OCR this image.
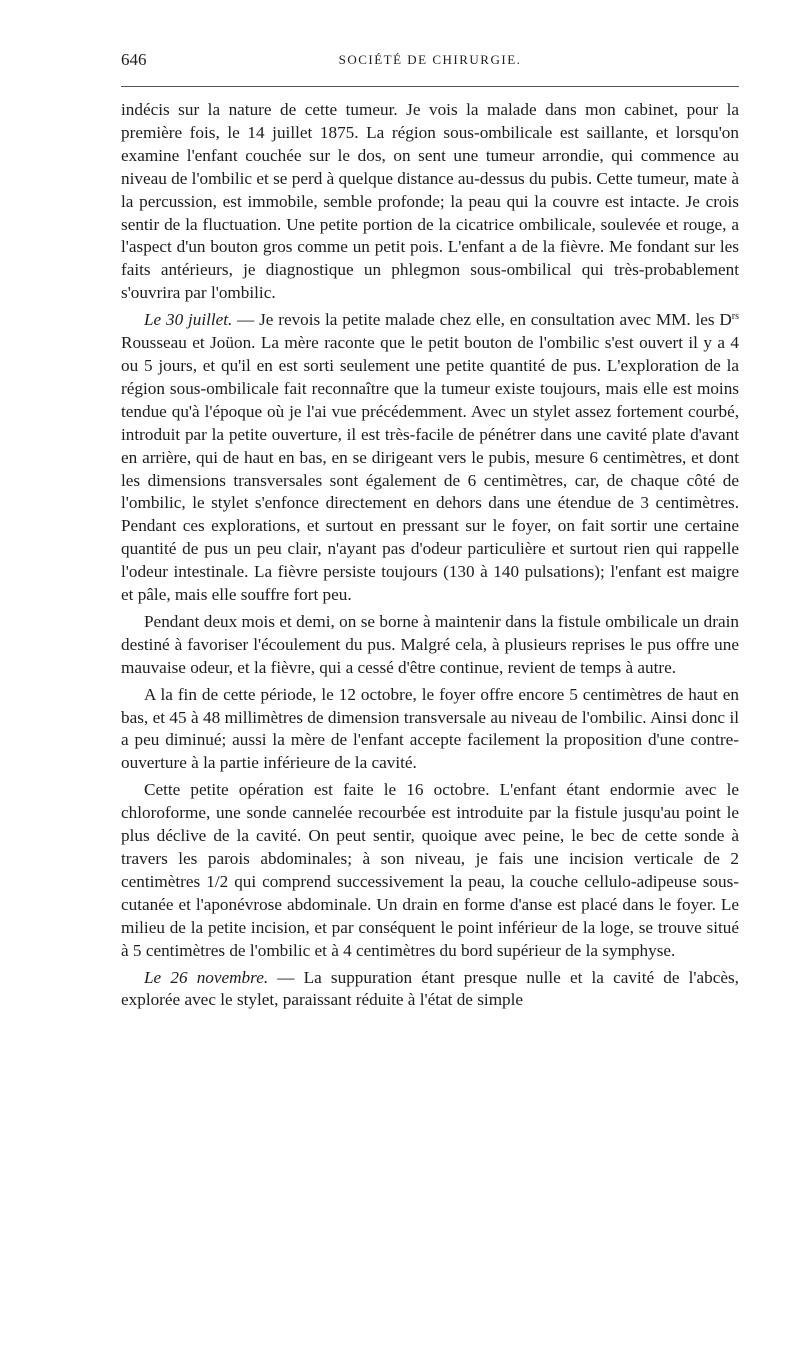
646	SOCIÉTÉ DE CHIRURGIE.

indécis sur la nature de cette tumeur. Je vois la malade dans mon cabinet, pour la première fois, le 14 juillet 1875. La région sous-ombilicale est saillante, et lorsqu'on examine l'enfant couchée sur le dos, on sent une tumeur arrondie, qui commence au niveau de l'ombilic et se perd à quelque distance au-dessus du pubis. Cette tumeur, mate à la percussion, est immobile, semble profonde; la peau qui la couvre est intacte. Je crois sentir de la fluctuation. Une petite portion de la cicatrice ombilicale, soulevée et rouge, a l'aspect d'un bouton gros comme un petit pois. L'enfant a de la fièvre. Me fondant sur les faits antérieurs, je diagnostique un phlegmon sous-ombilical qui très-probablement s'ouvrira par l'ombilic.

Le 30 juillet. — Je revois la petite malade chez elle, en consultation avec MM. les $D^{rs}$ Rousseau et Joüon. La mère raconte que le petit bouton de l'ombilic s'est ouvert il y a 4 ou 5 jours, et qu'il en est sorti seulement une petite quantité de pus. L'exploration de la région sous-ombilicale fait reconnaître que la tumeur existe toujours, mais elle est moins tendue qu'à l'époque où je l'ai vue précédemment. Avec un stylet assez fortement courbé, introduit par la petite ouverture, il est très-facile de pénétrer dans une cavité plate d'avant en arrière, qui de haut en bas, en se dirigeant vers le pubis, mesure 6 centimètres, et dont les dimensions transversales sont également de 6 centimètres, car, de chaque côté de l'ombilic, le stylet s'enfonce directement en dehors dans une étendue de 3 centimètres. Pendant ces explorations, et surtout en pressant sur le foyer, on fait sortir une certaine quantité de pus un peu clair, n'ayant pas d'odeur particulière et surtout rien qui rappelle l'odeur intestinale. La fièvre persiste toujours (130 à 140 pulsations); l'enfant est maigre et pâle, mais elle souffre fort peu.

Pendant deux mois et demi, on se borne à maintenir dans la fistule ombilicale un drain destiné à favoriser l'écoulement du pus. Malgré cela, à plusieurs reprises le pus offre une mauvaise odeur, et la fièvre, qui a cessé d'être continue, revient de temps à autre.

A la fin de cette période, le 12 octobre, le foyer offre encore 5 centimètres de haut en bas, et 45 à 48 millimètres de dimension transversale au niveau de l'ombilic. Ainsi donc il a peu diminué; aussi la mère de l'enfant accepte facilement la proposition d'une contre-ouverture à la partie inférieure de la cavité.

Cette petite opération est faite le 16 octobre. L'enfant étant endormie avec le chloroforme, une sonde cannelée recourbée est introduite par la fistule jusqu'au point le plus déclive de la cavité. On peut sentir, quoique avec peine, le bec de cette sonde à travers les parois abdominales; à son niveau, je fais une incision verticale de 2 centimètres 1/2 qui comprend successivement la peau, la couche cellulo-adipeuse sous-cutanée et l'aponévrose abdominale. Un drain en forme d'anse est placé dans le foyer. Le milieu de la petite incision, et par conséquent le point inférieur de la loge, se trouve situé à 5 centimètres de l'ombilic et à 4 centimètres du bord supérieur de la symphyse.

Le 26 novembre. — La suppuration étant presque nulle et la cavité de l'abcès, explorée avec le stylet, paraissant réduite à l'état de simple
